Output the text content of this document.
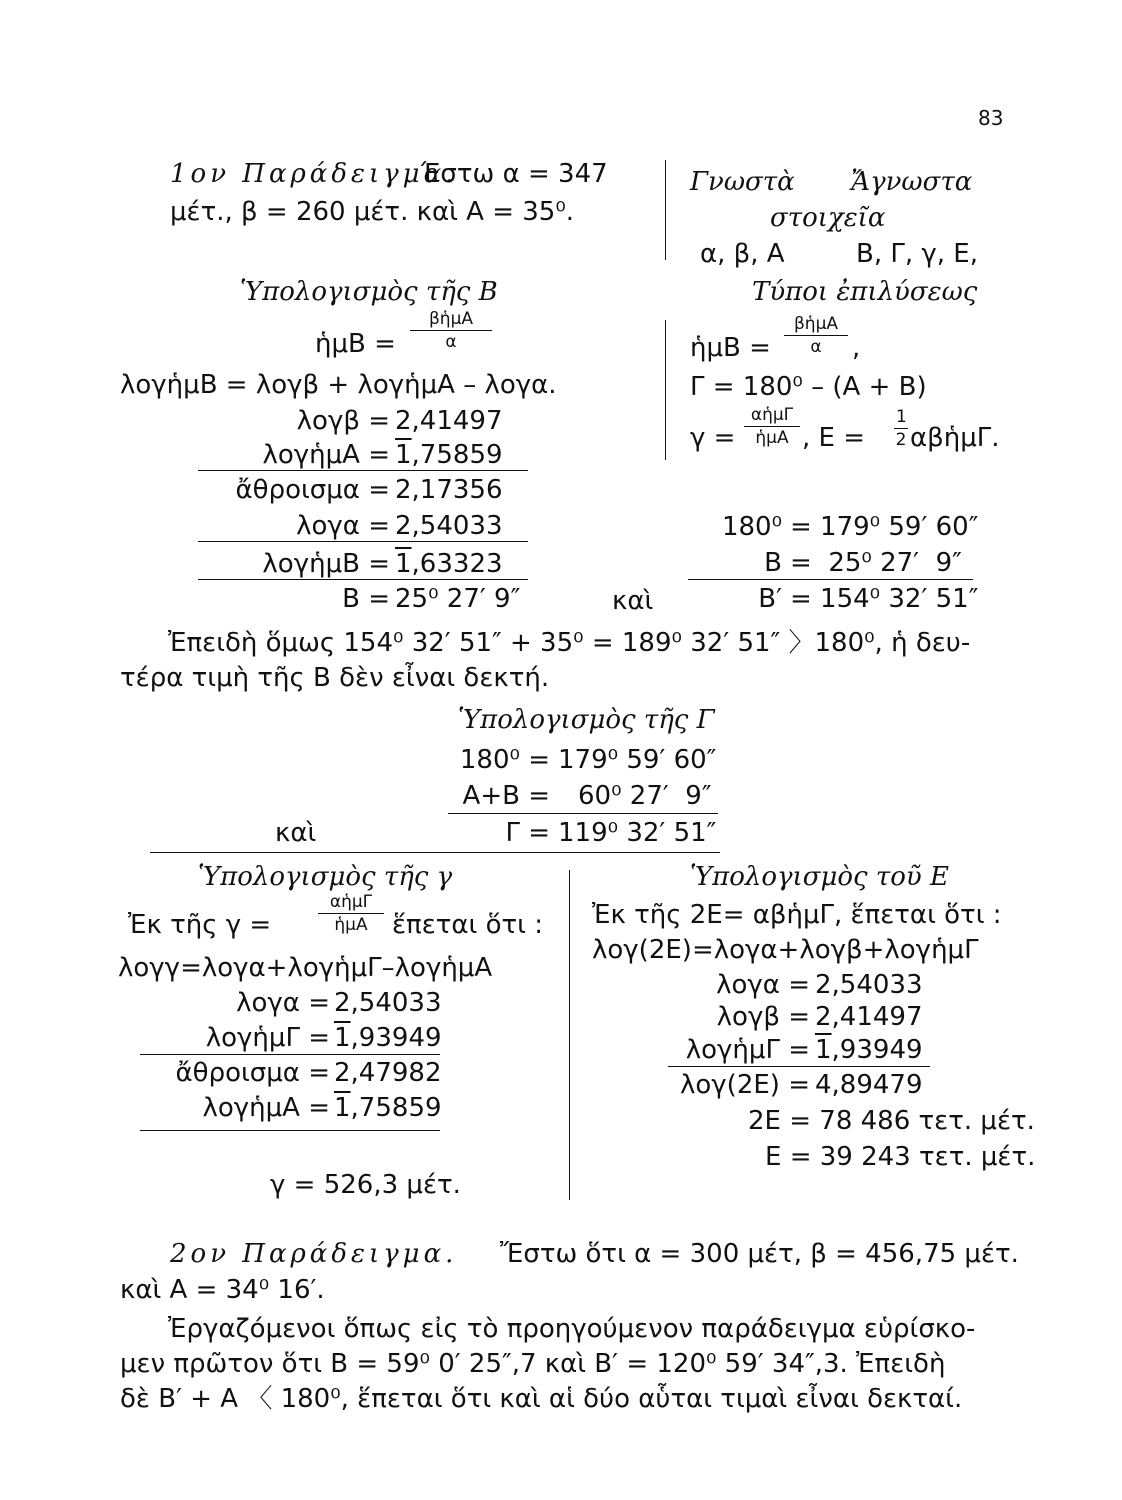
83
1ον Παράδειγμα.
Έστω α = 347
μέτ., β = 260 μέτ. καὶ Α = 35⁰.
Γνωστὰ Ἄγνωστα
στοιχεῖα
α, β, Α	Β, Γ, γ, Ε,
Τύποι ἐπιλύσεως
ἡμΒ =
βἡμΑ
α	,
Γ = 180⁰ – (Α + Β)
γ =
αἡμΓ
ἡμΑ , $E = \frac{1}{2}$ αβἡμΓ.
Ὑπολογισμὸς τῆς Β
ἡμΒ =
βἡμΑ
α
λογἡμΒ = λογβ + λογἡμΑ – λογα.
λογβ = 2,41497
λογἡμΑ = 1,75859
ἄθροισμα = 2,17356
λογα = 2,54033
λογἡμΒ = 1,63323
Β = 25⁰ 27′ 9″	καὶ
180⁰ = 179⁰ 59′ 60″
Β =  25⁰ 27′  9″
Β′ = 154⁰ 32′ 51″
Ἐπειδὴ ὅμως 154⁰ 32′ 51″ + 35⁰ = 189⁰ 32′ 51″ 〉180⁰, ἡ δευ-
τέρα τιμὴ τῆς Β δὲν εἶναι δεκτή.
Ὑπολογισμὸς τῆς Γ
180⁰ = 179⁰ 59′ 60″
Α+Β = 60⁰ 27′  9″
καὶ	Γ = 119⁰ 32′ 51″
Ὑπολογισμὸς τῆς γ
Ἐκ τῆς γ =
αἡμΓ
ἡμΑ ἕπεται ὅτι :
λογγ=λογα+λογἡμΓ–λογἡμΑ
λογα = 2,54033
λογἡμΓ = 1,93949
ἄθροισμα = 2,47982
λογἡμΑ = 1,75859
γ = 526,3 μέτ.
Ὑπολογισμὸς τοῦ Ε
Ἐκ τῆς 2Ε= αβἡμΓ, ἕπεται ὅτι :
λογ(2Ε)=λογα+λογβ+λογἡμΓ
λογα = 2,54033
λογβ = 2,41497
λογἡμΓ = 1,93949
λογ(2Ε) = 4,89479
2Ε = 78 486 τετ. μέτ.
Ε = 39 243 τετ. μέτ.
2ον Παράδειγμα. Ἔστω ὅτι α = 300 μέτ, β = 456,75 μέτ.
καὶ Α = 34⁰ 16′.
Ἐργαζόμενοι ὅπως εἰς τὸ προηγούμενον παράδειγμα εὑρίσκο-
μεν πρῶτον ὅτι Β = 59⁰ 0′ 25″,7 καὶ Β′ = 120⁰ 59′ 34″,3. Ἐπειδὴ
δὲ Β′ + Α 〈 180⁰, ἕπεται ὅτι καὶ αἱ δύο αὗται τιμαὶ εἶναι δεκταί.
